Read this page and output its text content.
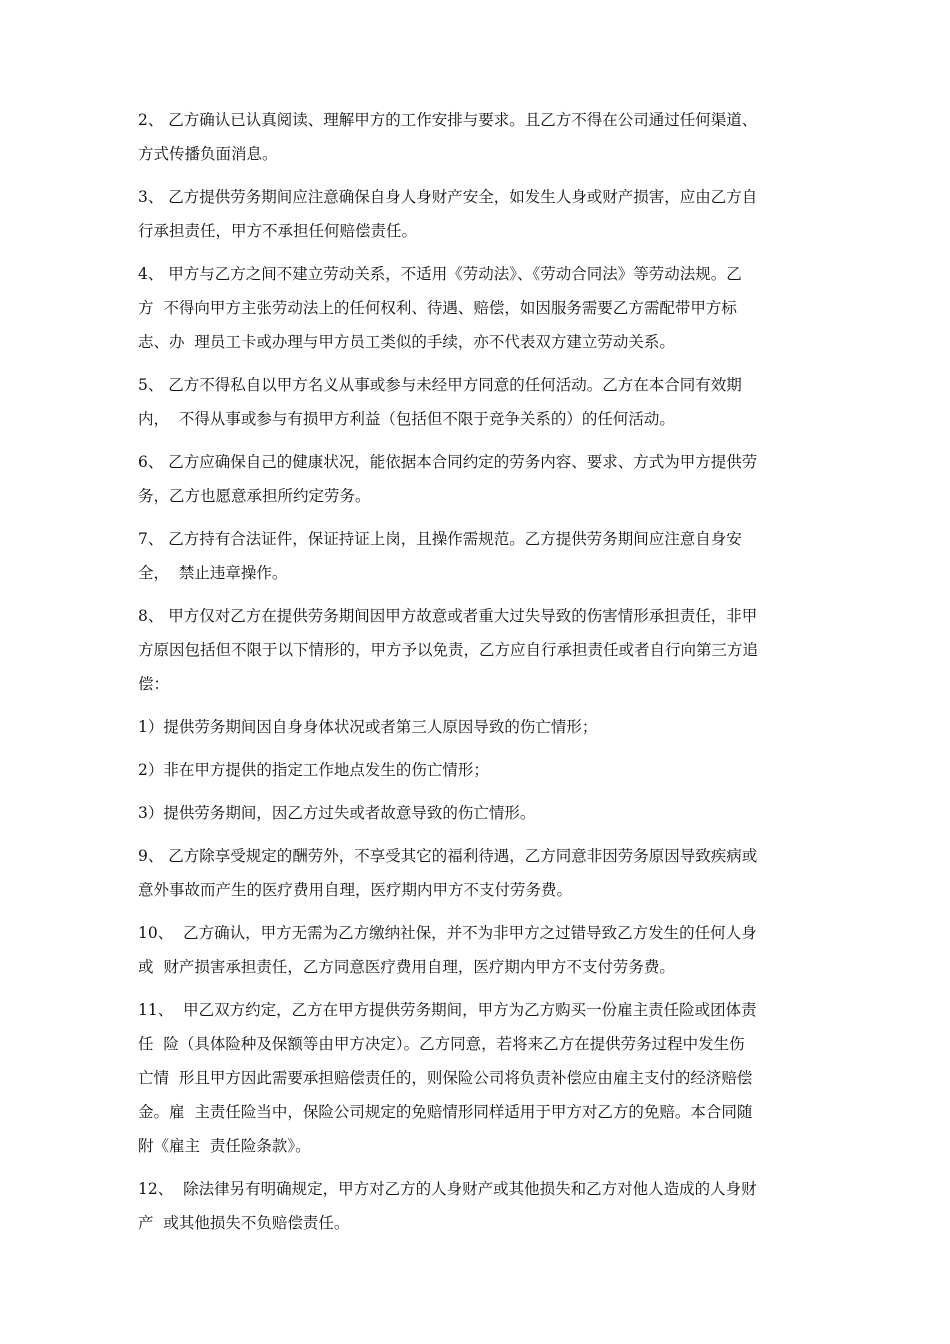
2、 乙方确认已认真阅读、理解甲方的工作安排与要求。且乙方不得在公司通过任何渠道、
方式传播负面消息。
3、 乙方提供劳务期间应注意确保自身人身财产安全，如发生人身或财产损害，应由乙方自
行承担责任，甲方不承担任何赔偿责任。
4、 甲方与乙方之间不建立劳动关系，不适用《劳动法》、《劳动合同法》等劳动法规。乙
方  不得向甲方主张劳动法上的任何权利、待遇、赔偿，如因服务需要乙方需配带甲方标
志、办  理员工卡或办理与甲方员工类似的手续，亦不代表双方建立劳动关系。
5、 乙方不得私自以甲方名义从事或参与未经甲方同意的任何活动。乙方在本合同有效期
内，  不得从事或参与有损甲方利益（包括但不限于竞争关系的）的任何活动。
6、 乙方应确保自己的健康状况，能依据本合同约定的劳务内容、要求、方式为甲方提供劳
务，乙方也愿意承担所约定劳务。
7、 乙方持有合法证件，保证持证上岗，且操作需规范。乙方提供劳务期间应注意自身安
全，  禁止违章操作。
8、 甲方仅对乙方在提供劳务期间因甲方故意或者重大过失导致的伤害情形承担责任，非甲
方原因包括但不限于以下情形的，甲方予以免责，乙方应自行承担责任或者自行向第三方追
偿：
1）提供劳务期间因自身身体状况或者第三人原因导致的伤亡情形；
2）非在甲方提供的指定工作地点发生的伤亡情形；
3）提供劳务期间，因乙方过失或者故意导致的伤亡情形。
9、 乙方除享受规定的酬劳外，不享受其它的福利待遇，乙方同意非因劳务原因导致疾病或
意外事故而产生的医疗费用自理，医疗期内甲方不支付劳务费。
10、  乙方确认，甲方无需为乙方缴纳社保，并不为非甲方之过错导致乙方发生的任何人身
或  财产损害承担责任，乙方同意医疗费用自理，医疗期内甲方不支付劳务费。
11、  甲乙双方约定，乙方在甲方提供劳务期间，甲方为乙方购买一份雇主责任险或团体责
任  险（具体险种及保额等由甲方决定）。乙方同意，若将来乙方在提供劳务过程中发生伤
亡情  形且甲方因此需要承担赔偿责任的，则保险公司将负责补偿应由雇主支付的经济赔偿
金。雇  主责任险当中，保险公司规定的免赔情形同样适用于甲方对乙方的免赔。本合同随
附《雇主  责任险条款》。
12、  除法律另有明确规定，甲方对乙方的人身财产或其他损失和乙方对他人造成的人身财
产  或其他损失不负赔偿责任。
